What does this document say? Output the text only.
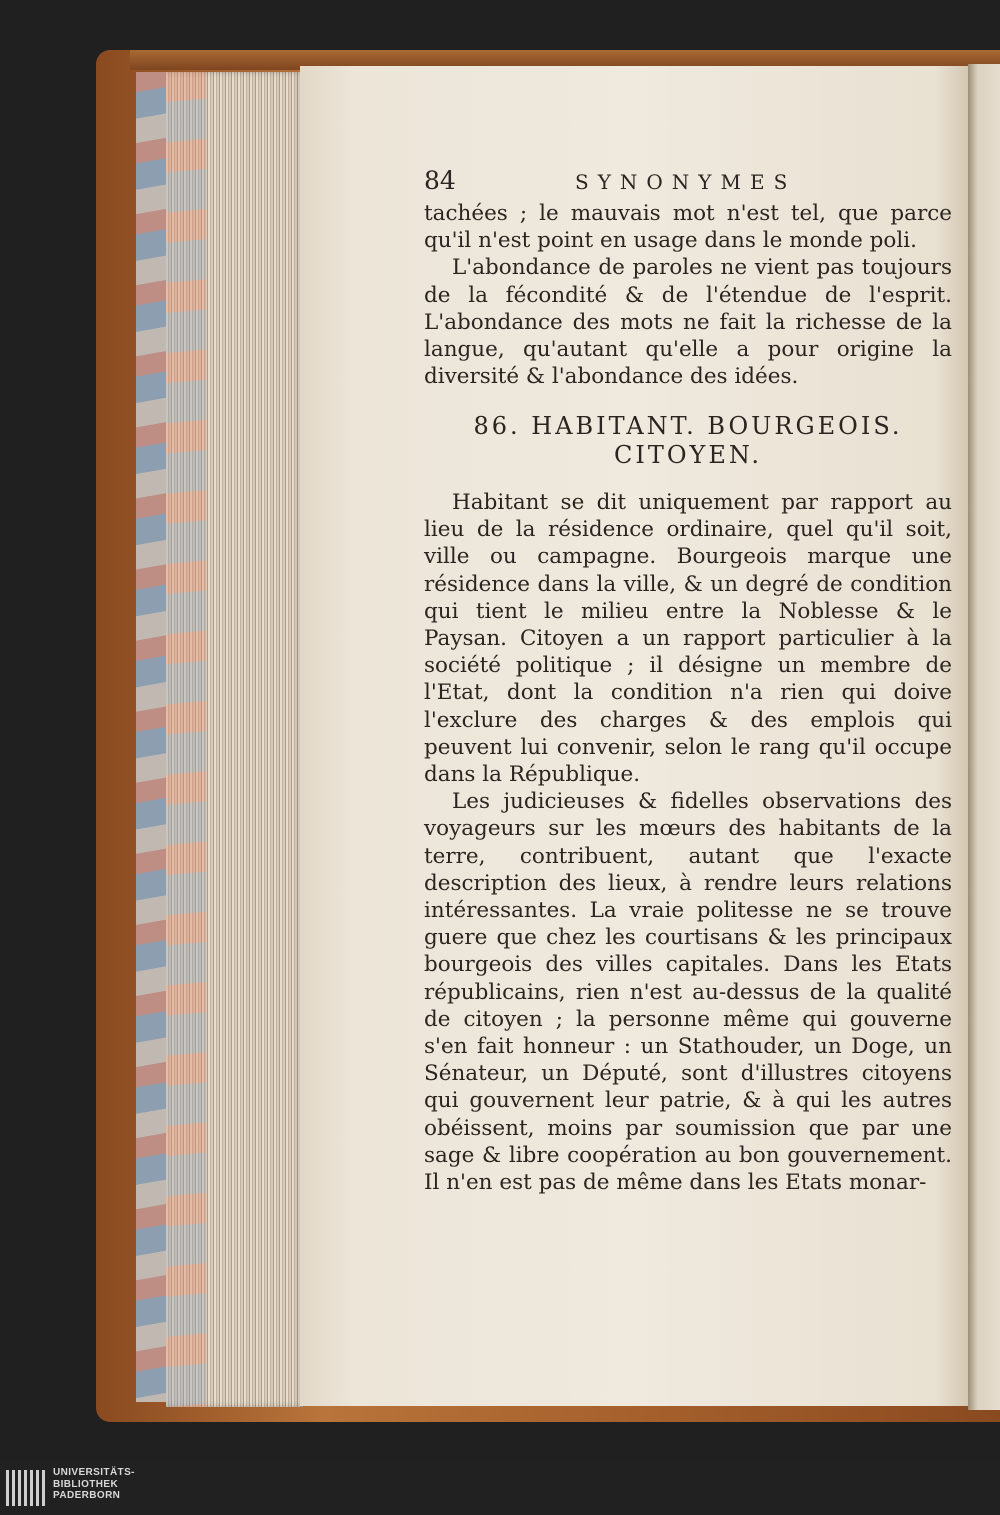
84	SYNONYMES

tachées ; le mauvais mot n'est tel, que parce qu'il n'est point en usage dans le monde poli.

L'abondance de paroles ne vient pas toujours de la fécondité & de l'étendue de l'esprit. L'abondance des mots ne fait la richesse de la langue, qu'autant qu'elle a pour origine la diversité & l'abondance des idées.

86. HABITANT. BOURGEOIS.
CITOYEN.

Habitant se dit uniquement par rapport au lieu de la résidence ordinaire, quel qu'il soit, ville ou campagne. Bourgeois marque une résidence dans la ville, & un degré de condition qui tient le milieu entre la Noblesse & le Paysan. Citoyen a un rapport particulier à la société politique ; il désigne un membre de l'Etat, dont la condition n'a rien qui doive l'exclure des charges & des emplois qui peuvent lui convenir, selon le rang qu'il occupe dans la République.

Les judicieuses & fidelles observations des voyageurs sur les mœurs des habitants de la terre, contribuent, autant que l'exacte description des lieux, à rendre leurs relations intéressantes. La vraie politesse ne se trouve guere que chez les courtisans & les principaux bourgeois des villes capitales. Dans les Etats républicains, rien n'est au-dessus de la qualité de citoyen ; la personne même qui gouverne s'en fait honneur : un Stathouder, un Doge, un Sénateur, un Député, sont d'illustres citoyens qui gouvernent leur patrie, & à qui les autres obéissent, moins par soumission que par une sage & libre coopération au bon gouvernement. Il n'en est pas de même dans les Etats monar-

UNIVERSITÄTS-
BIBLIOTHEK
PADERBORN
